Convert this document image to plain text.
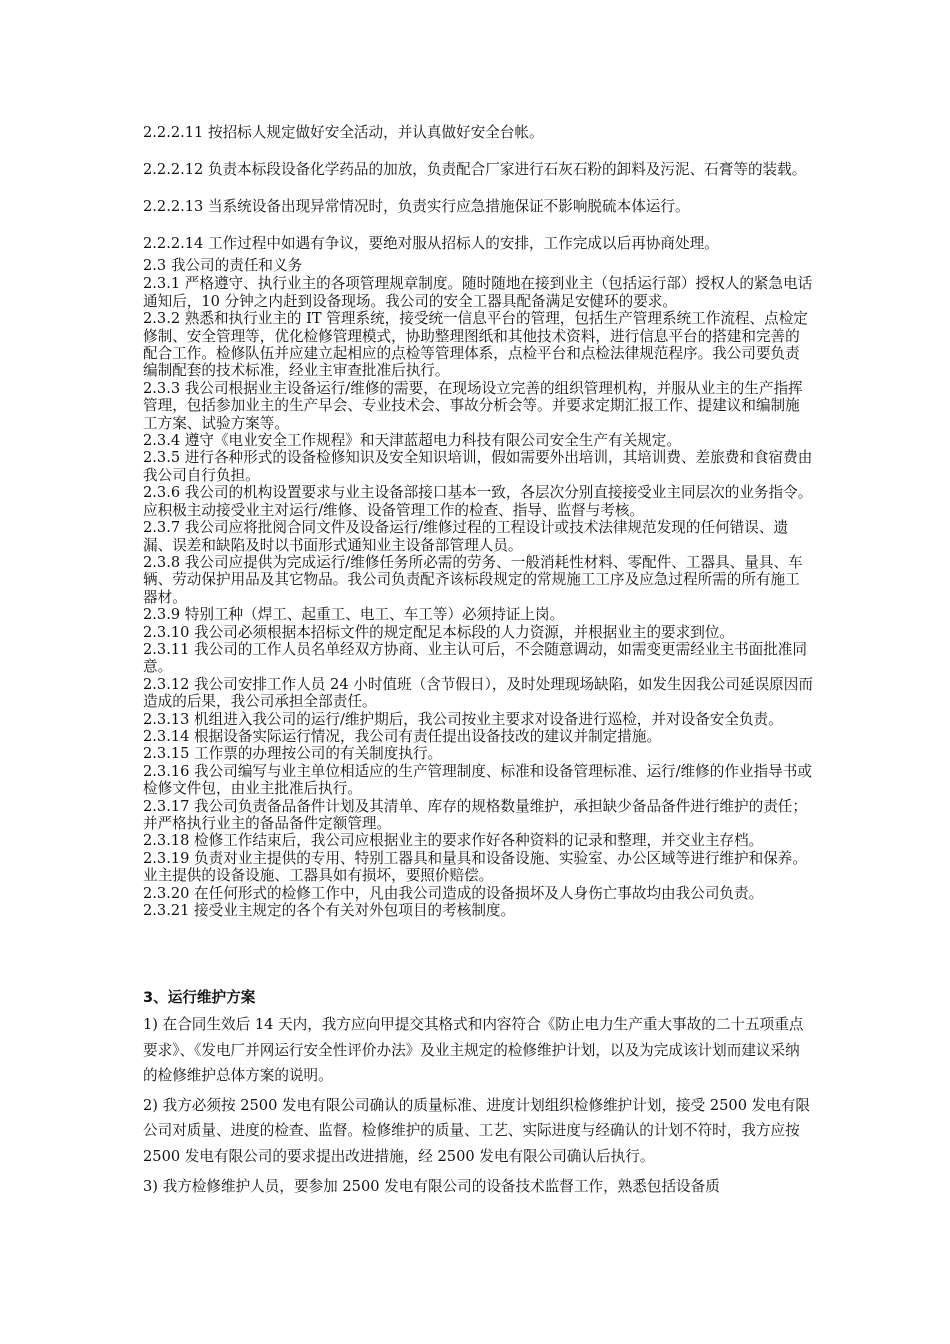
2.2.2.11 按招标人规定做好安全活动，并认真做好安全台帐。

2.2.2.12 负责本标段设备化学药品的加放，负责配合厂家进行石灰石粉的卸料及污泥、石膏等的装载。

2.2.2.13 当系统设备出现异常情况时，负责实行应急措施保证不影响脱硫本体运行。

2.2.2.14 工作过程中如遇有争议，要绝对服从招标人的安排，工作完成以后再协商处理。

2.3 我公司的责任和义务

2.3.1 严格遵守、执行业主的各项管理规章制度。随时随地在接到业主（包括运行部）授权人的紧急电话通知后，10 分钟之内赶到设备现场。我公司的安全工器具配备满足安健环的要求。

2.3.2 熟悉和执行业主的 IT 管理系统，接受统一信息平台的管理，包括生产管理系统工作流程、点检定修制、安全管理等，优化检修管理模式，协助整理图纸和其他技术资料，进行信息平台的搭建和完善的配合工作。检修队伍并应建立起相应的点检等管理体系，点检平台和点检法律规范程序。我公司要负责编制配套的技术标准，经业主审查批准后执行。

2.3.3 我公司根据业主设备运行/维修的需要，在现场设立完善的组织管理机构，并服从业主的生产指挥管理，包括参加业主的生产早会、专业技术会、事故分析会等。并要求定期汇报工作、提建议和编制施工方案、试验方案等。

2.3.4 遵守《电业安全工作规程》和天津蓝超电力科技有限公司安全生产有关规定。

2.3.5 进行各种形式的设备检修知识及安全知识培训，假如需要外出培训，其培训费、差旅费和食宿费由我公司自行负担。

2.3.6 我公司的机构设置要求与业主设备部接口基本一致，各层次分别直接接受业主同层次的业务指令。应积极主动接受业主对运行/维修、设备管理工作的检查、指导、监督与考核。

2.3.7 我公司应将批阅合同文件及设备运行/维修过程的工程设计或技术法律规范发现的任何错误、遗漏、误差和缺陷及时以书面形式通知业主设备部管理人员。

2.3.8 我公司应提供为完成运行/维修任务所必需的劳务、一般消耗性材料、零配件、工器具、量具、车辆、劳动保护用品及其它物品。我公司负责配齐该标段规定的常规施工工序及应急过程所需的所有施工器材。

2.3.9 特别工种（焊工、起重工、电工、车工等）必须持证上岗。

2.3.10 我公司必须根据本招标文件的规定配足本标段的人力资源，并根据业主的要求到位。

2.3.11 我公司的工作人员名单经双方协商、业主认可后，不会随意调动，如需变更需经业主书面批准同意。

2.3.12 我公司安排工作人员 24 小时值班（含节假日），及时处理现场缺陷，如发生因我公司延误原因而造成的后果，我公司承担全部责任。

2.3.13 机组进入我公司的运行/维护期后，我公司按业主要求对设备进行巡检，并对设备安全负责。

2.3.14 根据设备实际运行情况，我公司有责任提出设备技改的建议并制定措施。

2.3.15 工作票的办理按公司的有关制度执行。

2.3.16 我公司编写与业主单位相适应的生产管理制度、标准和设备管理标准、运行/维修的作业指导书或检修文件包，由业主批准后执行。

2.3.17 我公司负责备品备件计划及其清单、库存的规格数量维护，承担缺少备品备件进行维护的责任；并严格执行业主的备品备件定额管理。

2.3.18 检修工作结束后，我公司应根据业主的要求作好各种资料的记录和整理，并交业主存档。

2.3.19 负责对业主提供的专用、特别工器具和量具和设备设施、实验室、办公区域等进行维护和保养。业主提供的设备设施、工器具如有损坏，要照价赔偿。

2.3.20 在任何形式的检修工作中，凡由我公司造成的设备损坏及人身伤亡事故均由我公司负责。

2.3.21 接受业主规定的各个有关对外包项目的考核制度。

3、运行维护方案

1) 在合同生效后 14 天内，我方应向甲提交其格式和内容符合《防止电力生产重大事故的二十五项重点要求》、《发电厂并网运行安全性评价办法》及业主规定的检修维护计划，以及为完成该计划而建议采纳的检修维护总体方案的说明。

2) 我方必须按 2500 发电有限公司确认的质量标准、进度计划组织检修维护计划，接受 2500 发电有限公司对质量、进度的检查、监督。检修维护的质量、工艺、实际进度与经确认的计划不符时，我方应按 2500 发电有限公司的要求提出改进措施，经 2500 发电有限公司确认后执行。

3) 我方检修维护人员，要参加 2500 发电有限公司的设备技术监督工作，熟悉包括设备质
